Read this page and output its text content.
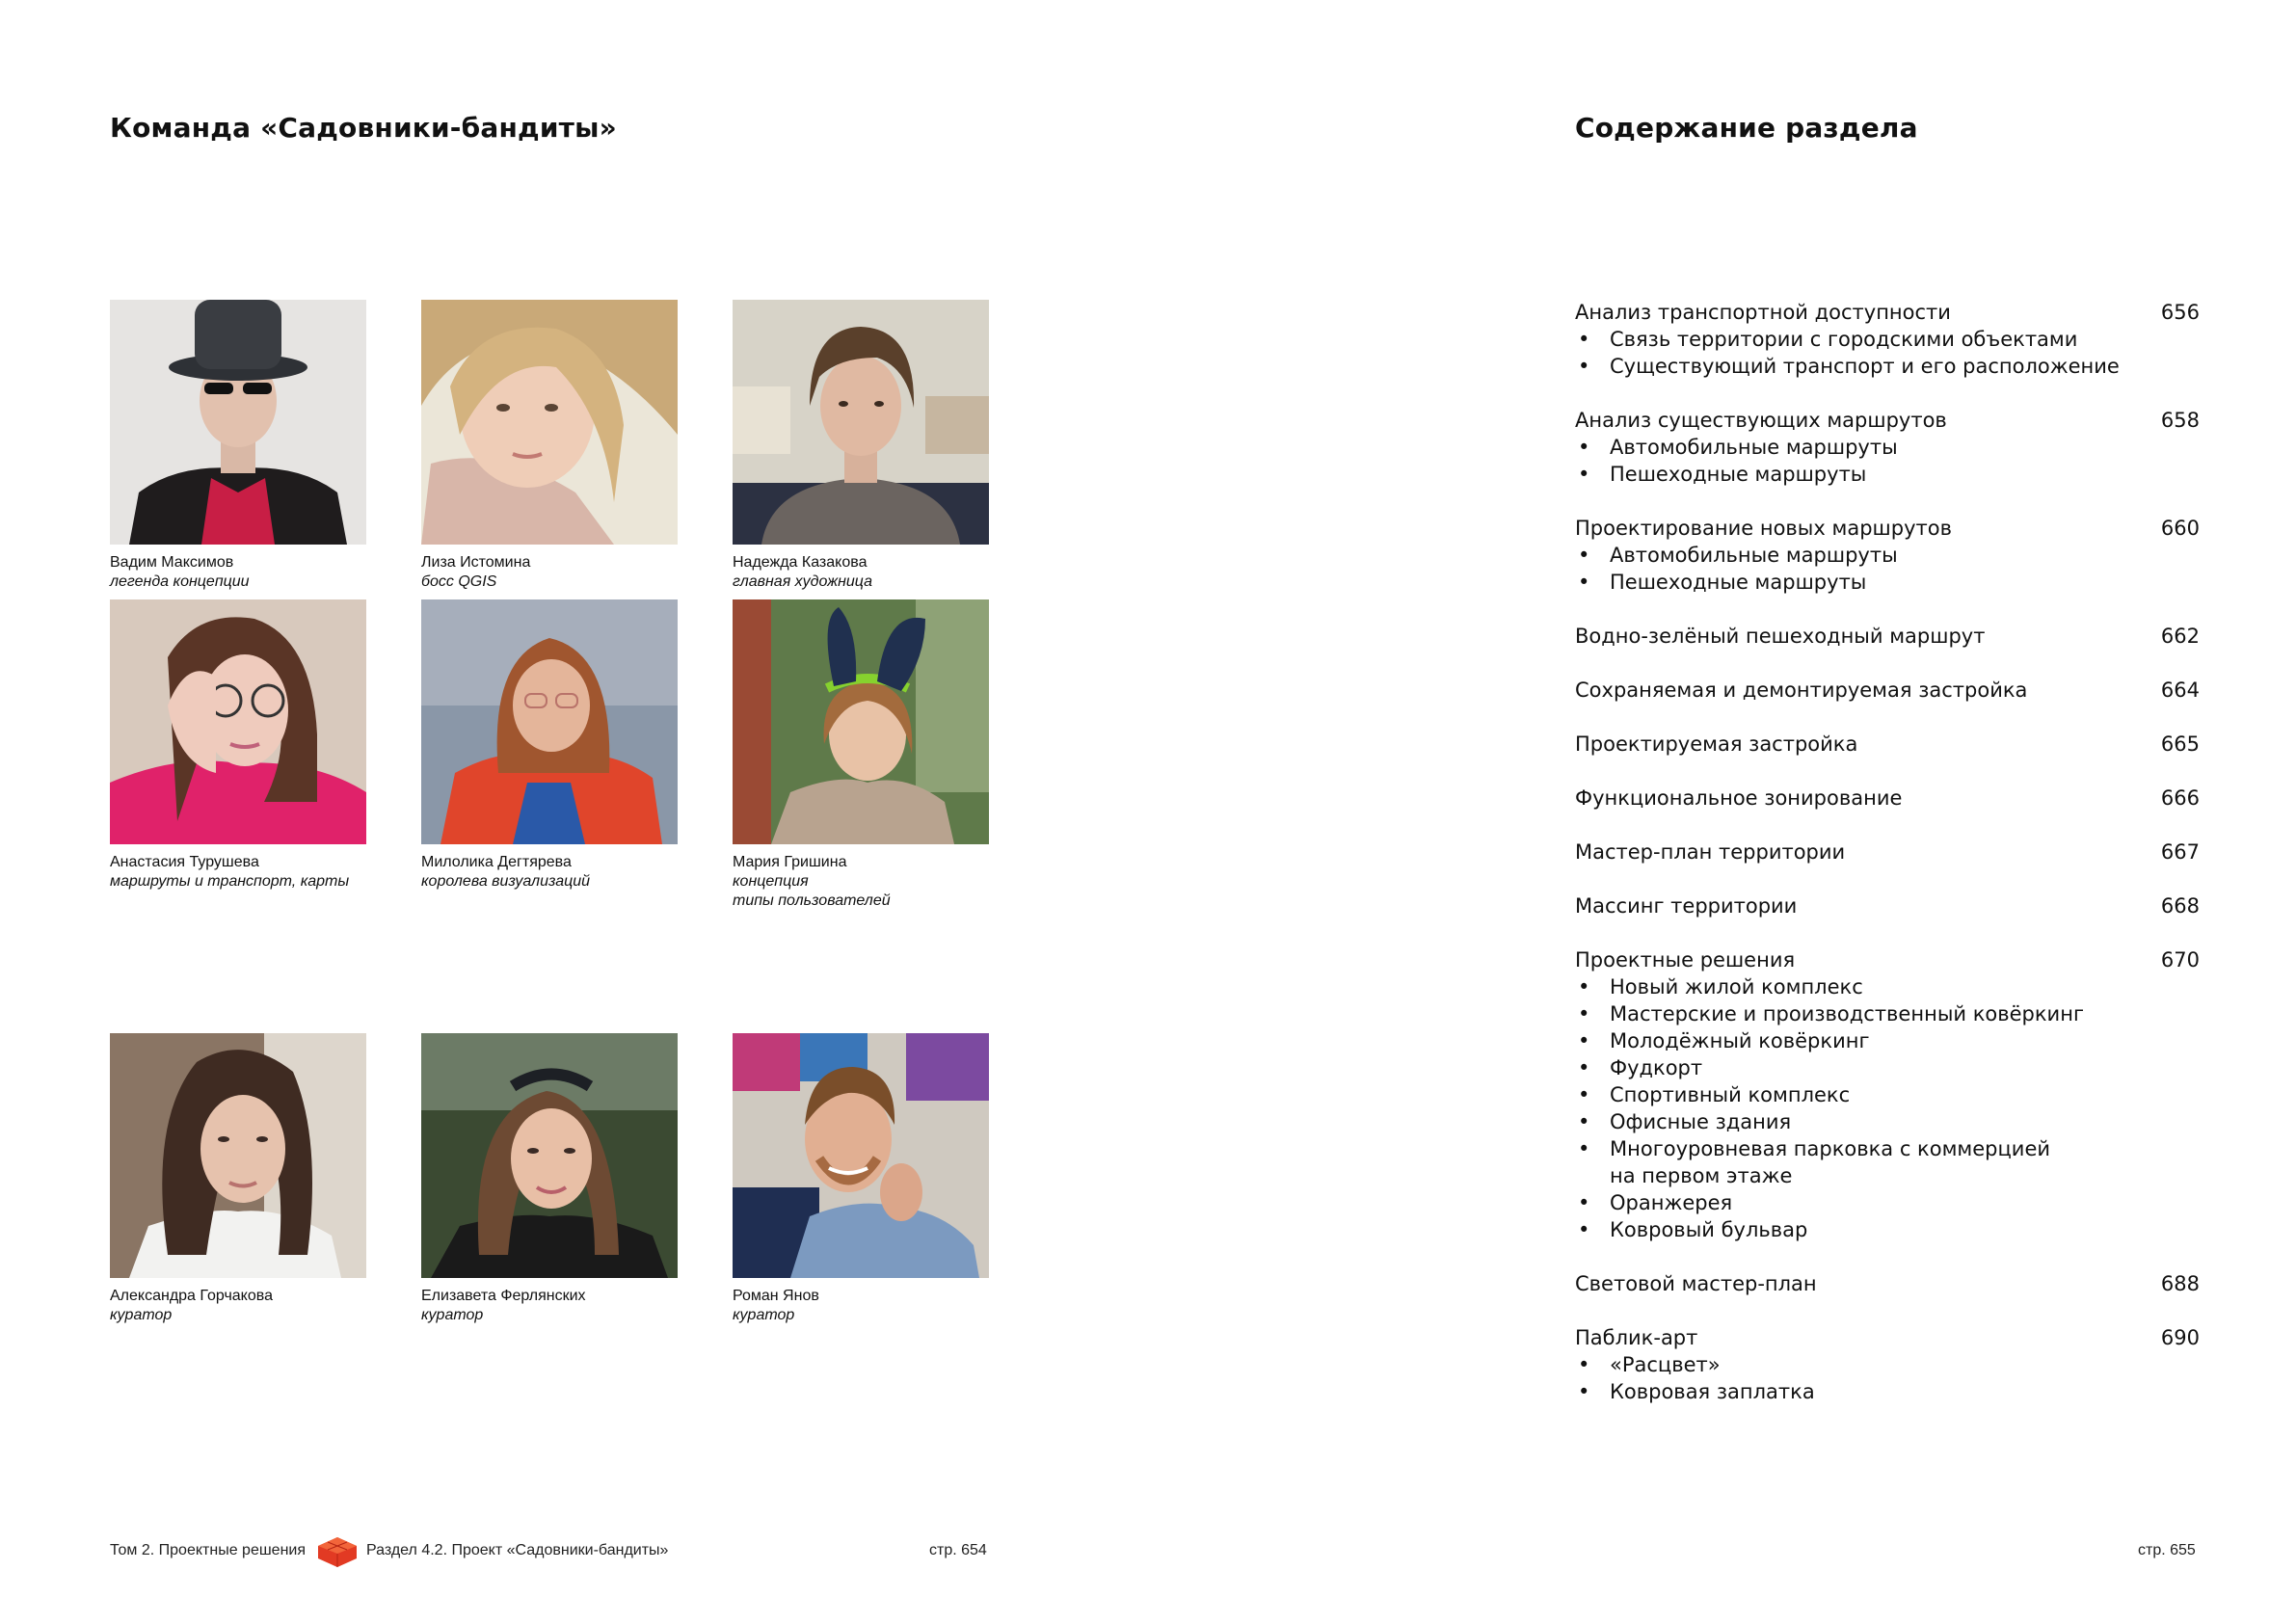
Команда «Садовники-бандиты»
Вадим Максимов
легенда концепции
Лиза Истомина
босс QGIS
Надежда Казакова
главная художница
Анастасия Турушева
маршруты и транспорт, карты
Милолика Дегтярева
королева визуализаций
Мария Гришина
концепция
типы пользователей
Александра Горчакова
куратор
Елизавета Ферлянских
куратор
Роман Янов
куратор
Том 2. Проектные решения	Раздел 4.2. Проект «Садовники-бандиты»	стр. 654
Содержание раздела
Анализ транспортной доступности	656
• Связь территории с городскими объектами
• Существующий транспорт и его расположение
Анализ существующих маршрутов	658
• Автомобильные маршруты
• Пешеходные маршруты
Проектирование новых маршрутов	660
• Автомобильные маршруты
• Пешеходные маршруты
Водно-зелёный пешеходный маршрут	662
Сохраняемая и демонтируемая застройка	664
Проектируемая застройка	665
Функциональное зонирование	666
Мастер-план территории	667
Массинг территории	668
Проектные решения	670
• Новый жилой комплекс
• Мастерские и производственный ковёркинг
• Молодёжный ковёркинг
• Фудкорт
• Спортивный комплекс
• Офисные здания
• Многоуровневая парковка с коммерцией
на первом этаже
• Оранжерея
• Ковровый бульвар
Световой мастер-план	688
Паблик-арт	690
• «Расцвет»
• Ковровая заплатка
стр. 655
